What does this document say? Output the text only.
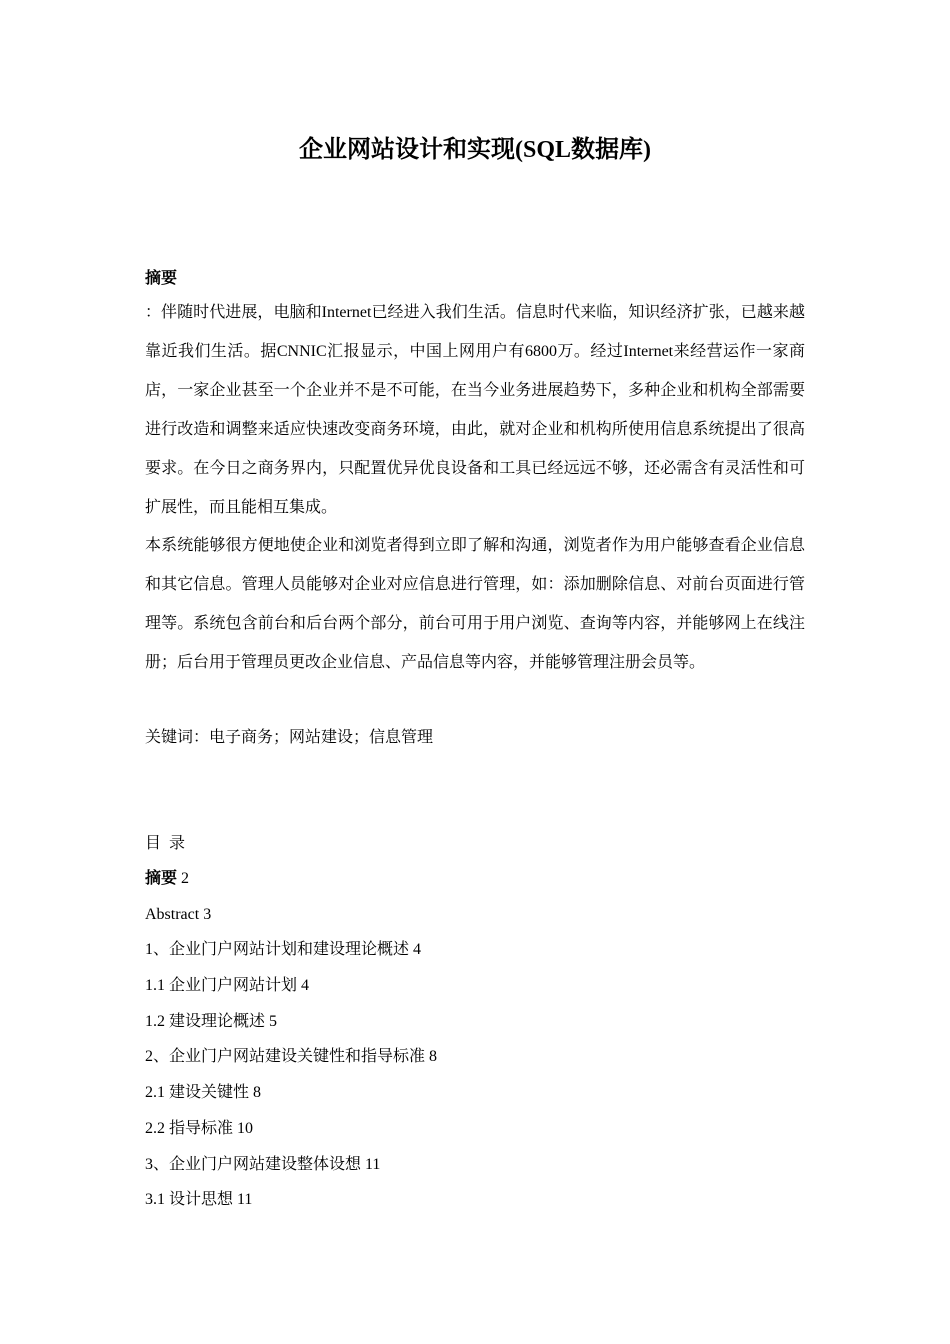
企业网站设计和实现(SQL数据库)
摘要

：伴随时代进展，电脑和Internet已经进入我们生活。信息时代来临，知识经济扩张，已越来越靠近我们生活。据CNNIC汇报显示，中国上网用户有6800万。经过Internet来经营运作一家商店，一家企业甚至一个企业并不是不可能，在当今业务进展趋势下，多种企业和机构全部需要进行改造和调整来适应快速改变商务环境，由此，就对企业和机构所使用信息系统提出了很高要求。在今日之商务界内，只配置优异优良设备和工具已经远远不够，还必需含有灵活性和可扩展性，而且能相互集成。

本系统能够很方便地使企业和浏览者得到立即了解和沟通，浏览者作为用户能够查看企业信息和其它信息。管理人员能够对企业对应信息进行管理，如：添加删除信息、对前台页面进行管理等。系统包含前台和后台两个部分，前台可用于用户浏览、查询等内容，并能够网上在线注册；后台用于管理员更改企业信息、产品信息等内容，并能够管理注册会员等。

关键词：电子商务；网站建设；信息管理
目 录
摘要 2
Abstract 3
1、企业门户网站计划和建设理论概述 4
1.1 企业门户网站计划 4
1.2 建设理论概述 5
2、企业门户网站建设关键性和指导标准 8
2.1 建设关键性 8
2.2 指导标准 10
3、企业门户网站建设整体设想 11
3.1 设计思想 11
